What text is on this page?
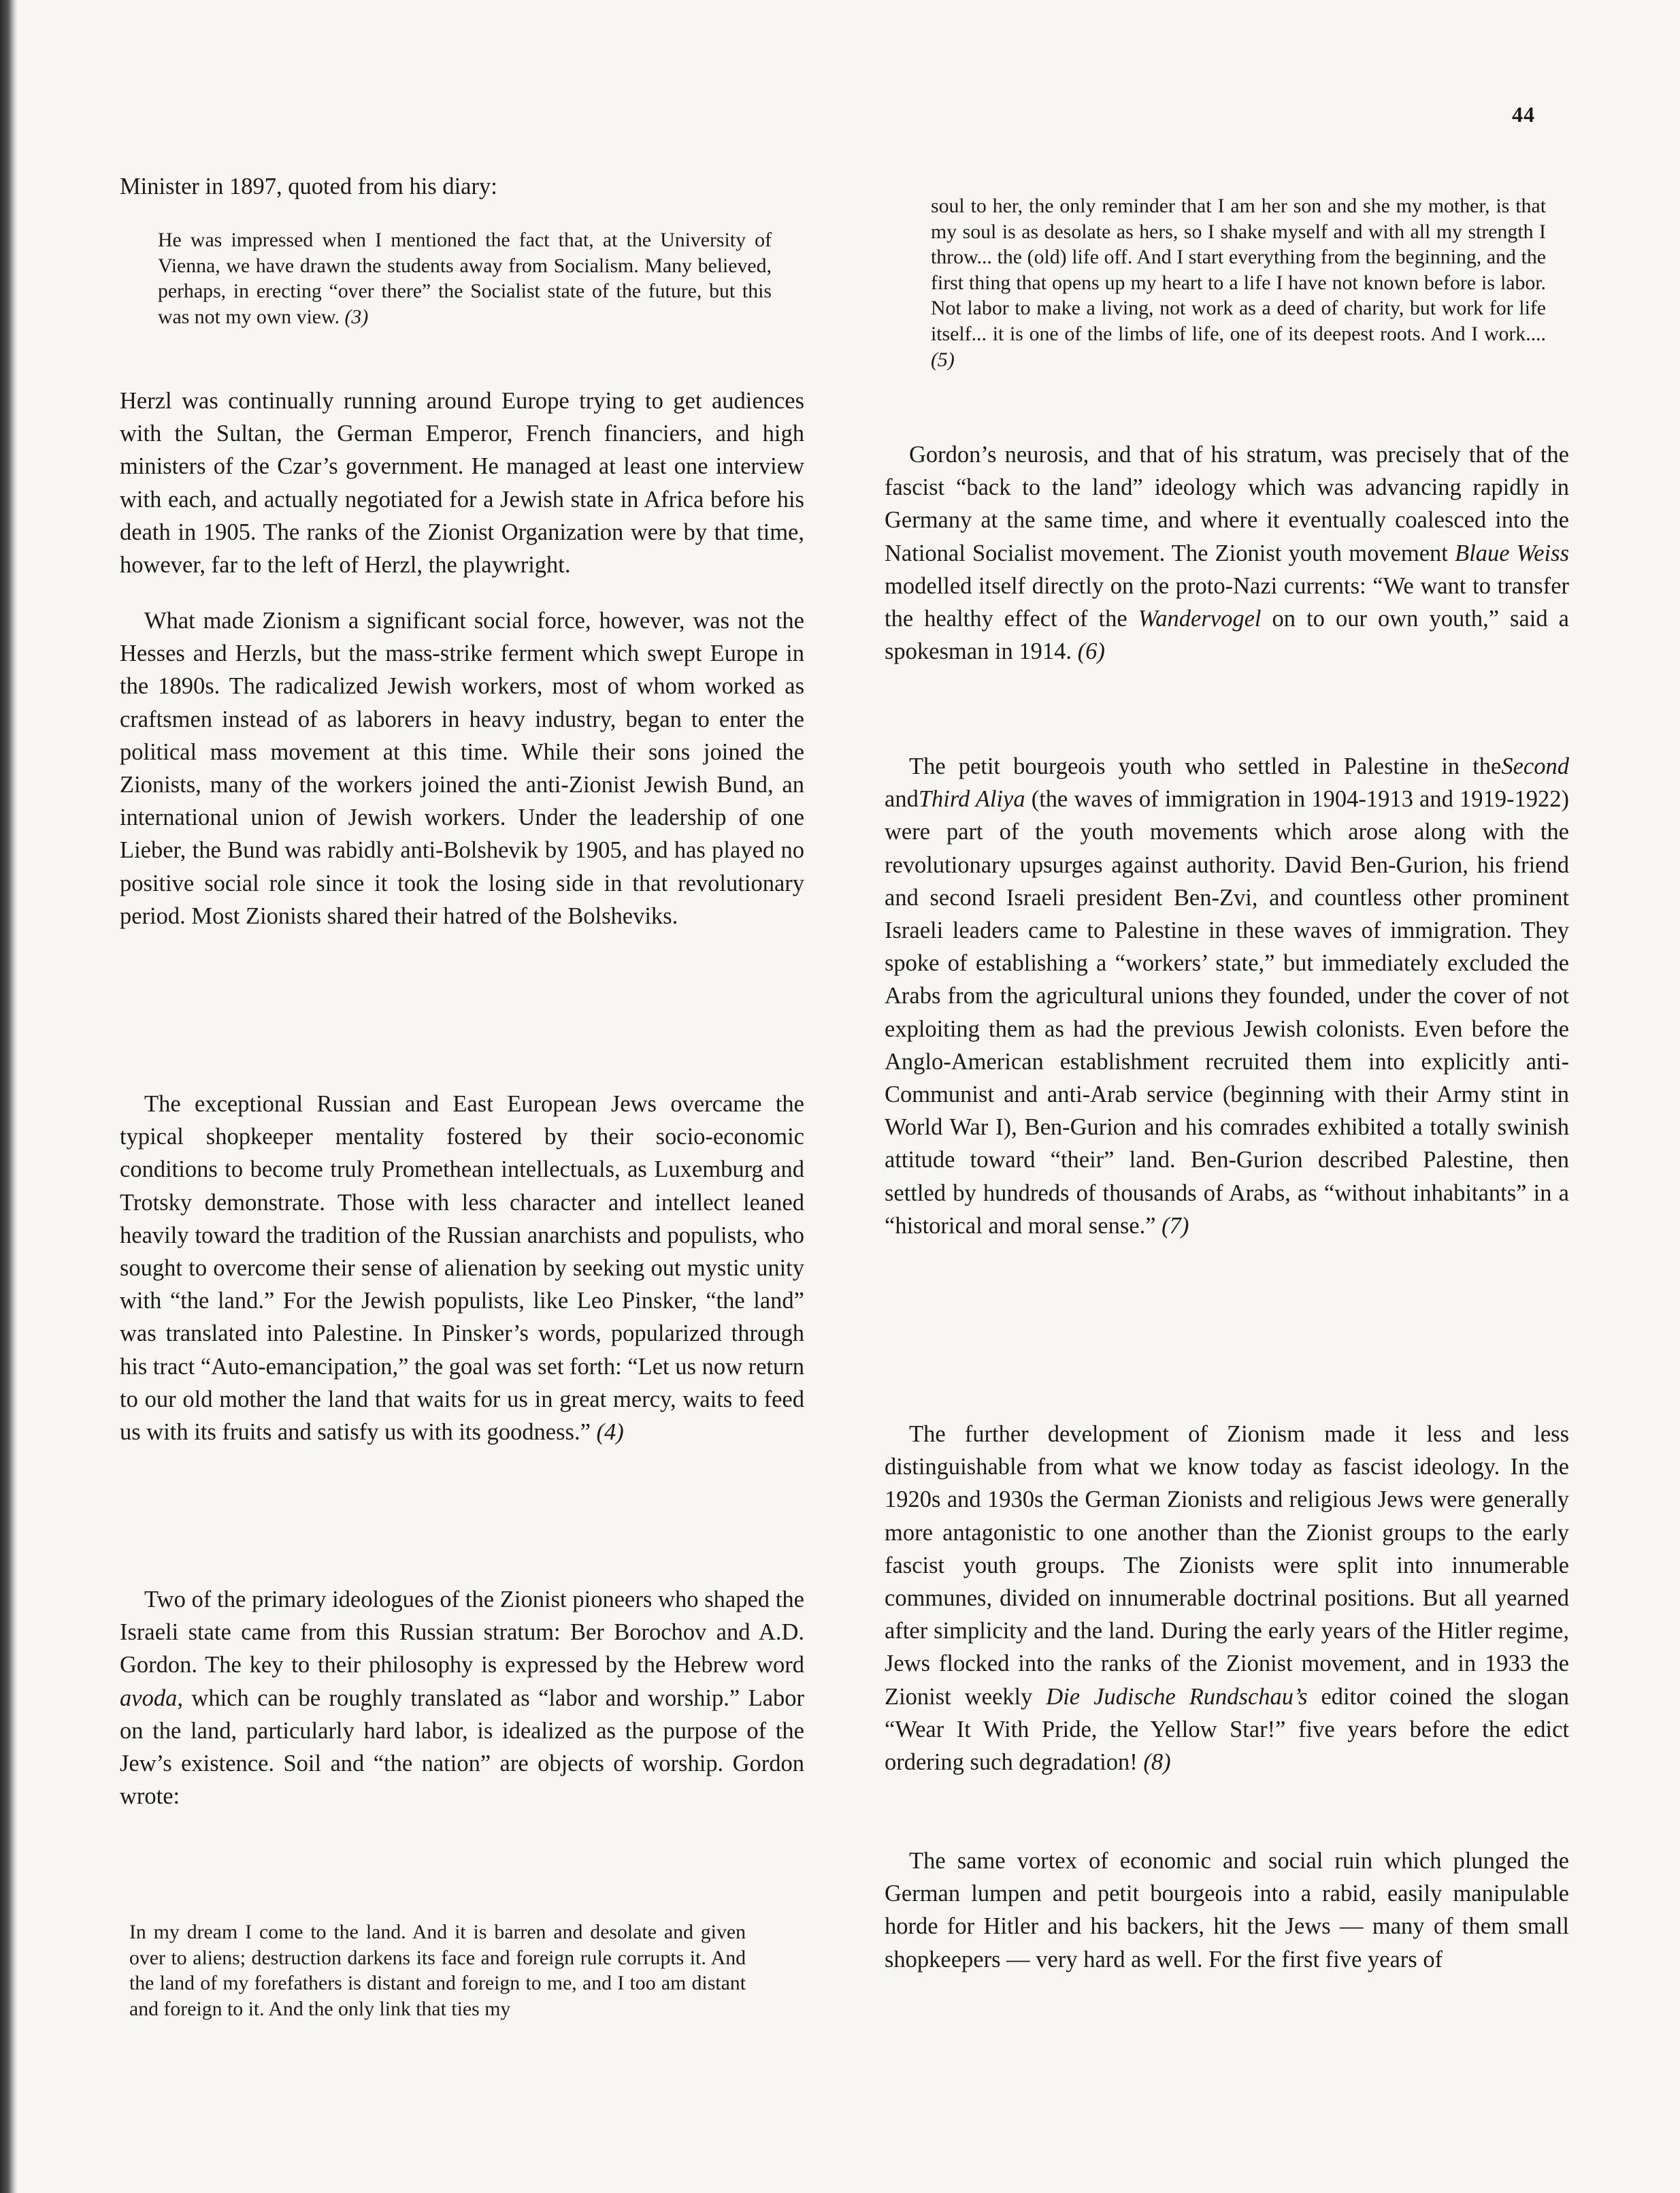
44

Minister in 1897, quoted from his diary:

He was impressed when I mentioned the fact that, at the University of Vienna, we have drawn the students away from Socialism. Many believed, perhaps, in erecting “over there” the Socialist state of the future, but this was not my own view. (3)

Herzl was continually running around Europe trying to get audiences with the Sultan, the German Emperor, French financiers, and high ministers of the Czar’s government. He managed at least one interview with each, and actually negotiated for a Jewish state in Africa before his death in 1905. The ranks of the Zionist Organization were by that time, however, far to the left of Herzl, the playwright.

What made Zionism a significant social force, however, was not the Hesses and Herzls, but the mass-strike ferment which swept Europe in the 1890s. The radicalized Jewish workers, most of whom worked as craftsmen instead of as laborers in heavy industry, began to enter the political mass movement at this time. While their sons joined the Zionists, many of the workers joined the anti-Zionist Jewish Bund, an international union of Jewish workers. Under the leadership of one Lieber, the Bund was rabidly anti-Bolshevik by 1905, and has played no positive social role since it took the losing side in that revolutionary period. Most Zionists shared their hatred of the Bolsheviks.

The exceptional Russian and East European Jews overcame the typical shopkeeper mentality fostered by their socio-economic conditions to become truly Promethean intellectuals, as Luxemburg and Trotsky demonstrate. Those with less character and intellect leaned heavily toward the tradition of the Russian anarchists and populists, who sought to overcome their sense of alienation by seeking out mystic unity with “the land.” For the Jewish populists, like Leo Pinsker, “the land” was translated into Palestine. In Pinsker’s words, popularized through his tract “Auto-emancipation,” the goal was set forth: “Let us now return to our old mother the land that waits for us in great mercy, waits to feed us with its fruits and satisfy us with its goodness.” (4)

Two of the primary ideologues of the Zionist pioneers who shaped the Israeli state came from this Russian stratum: Ber Borochov and A.D. Gordon. The key to their philosophy is expressed by the Hebrew word avoda, which can be roughly translated as “labor and worship.” Labor on the land, particularly hard labor, is idealized as the purpose of the Jew’s existence. Soil and “the nation” are objects of worship. Gordon wrote:

In my dream I come to the land. And it is barren and desolate and given over to aliens; destruction darkens its face and foreign rule corrupts it. And the land of my forefathers is distant and foreign to me, and I too am distant and foreign to it. And the only link that ties my

soul to her, the only reminder that I am her son and she my mother, is that my soul is as desolate as hers, so I shake myself and with all my strength I throw... the (old) life off. And I start everything from the beginning, and the first thing that opens up my heart to a life I have not known before is labor. Not labor to make a living, not work as a deed of charity, but work for life itself... it is one of the limbs of life, one of its deepest roots. And I work.... (5)

Gordon’s neurosis, and that of his stratum, was precisely that of the fascist “back to the land” ideology which was advancing rapidly in Germany at the same time, and where it eventually coalesced into the National Socialist movement. The Zionist youth movement Blaue Weiss modelled itself directly on the proto-Nazi currents: “We want to transfer the healthy effect of the Wandervogel on to our own youth,” said a spokesman in 1914. (6)

The petit bourgeois youth who settled in Palestine in theSecond andThird Aliya (the waves of immigration in 1904-1913 and 1919-1922) were part of the youth movements which arose along with the revolutionary upsurges against authority. David Ben-Gurion, his friend and second Israeli president Ben-Zvi, and countless other prominent Israeli leaders came to Palestine in these waves of immigration. They spoke of establishing a “workers’ state,” but immediately excluded the Arabs from the agricultural unions they founded, under the cover of not exploiting them as had the previous Jewish colonists. Even before the Anglo-American establishment recruited them into explicitly anti-Communist and anti-Arab service (beginning with their Army stint in World War I), Ben-Gurion and his comrades exhibited a totally swinish attitude toward “their” land. Ben-Gurion described Palestine, then settled by hundreds of thousands of Arabs, as “without inhabitants” in a “historical and moral sense.” (7)

The further development of Zionism made it less and less distinguishable from what we know today as fascist ideology. In the 1920s and 1930s the German Zionists and religious Jews were generally more antagonistic to one another than the Zionist groups to the early fascist youth groups. The Zionists were split into innumerable communes, divided on innumerable doctrinal positions. But all yearned after simplicity and the land. During the early years of the Hitler regime, Jews flocked into the ranks of the Zionist movement, and in 1933 the Zionist weekly Die Judische Rundschau’s editor coined the slogan “Wear It With Pride, the Yellow Star!” five years before the edict ordering such degradation! (8)

The same vortex of economic and social ruin which plunged the German lumpen and petit bourgeois into a rabid, easily manipulable horde for Hitler and his backers, hit the Jews — many of them small shopkeepers — very hard as well. For the first five years of
